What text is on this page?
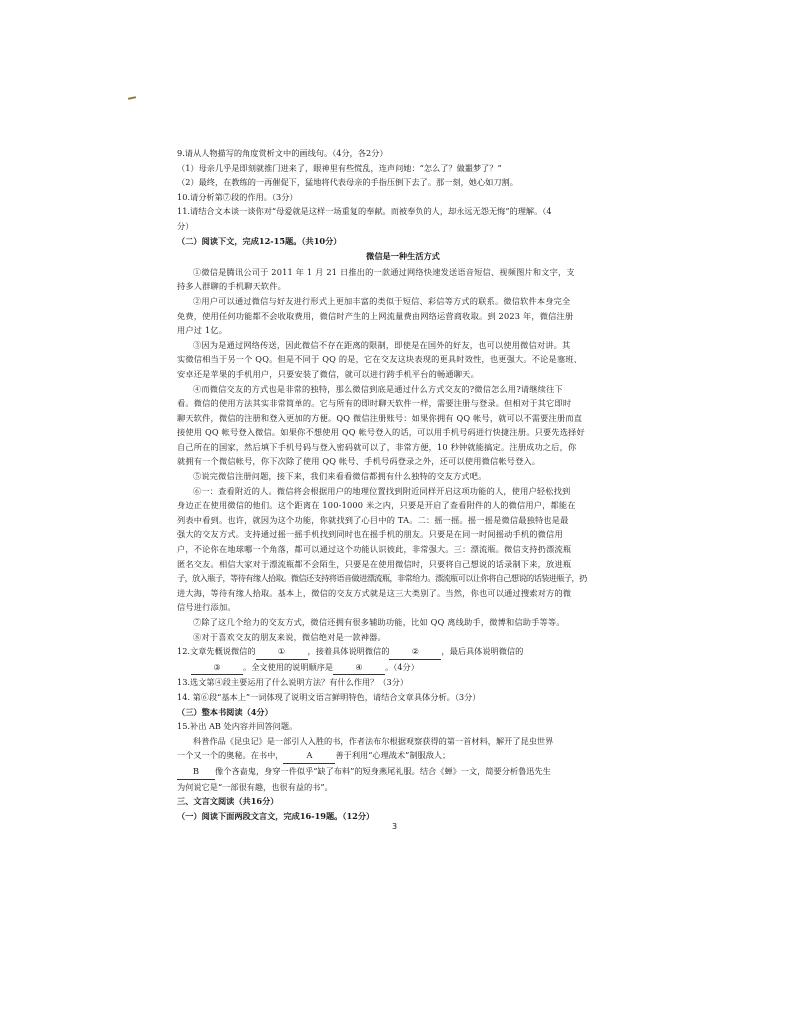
9.请从人物描写的角度赏析文中的画线句。（4分，各2分）
（1）母亲几乎是即刻就推门进来了，眼神里有些慌乱，连声问她：“怎么了？做噩梦了？”
（2）最终，在教练的一再催促下，猛地将代表母亲的手指压倒下去了。那一刻，她心如刀割。
10.请分析第⑦段的作用。（3分）
11.请结合文本谈一谈你对“母爱就是这样一场重复的奉献。而被奉负的人，却永远无怨无悔”的理解。（4
分）
（二）阅读下文，完成12-15题。（共10分）
微信是一种生活方式
①微信是腾讯公司于 2011 年 1 月 21 日推出的一款通过网络快速发送语音短信、视频图片和文字，支
持多人群聊的手机聊天软件。
②用户可以通过微信与好友进行形式上更加丰富的类似于短信、彩信等方式的联系。微信软件本身完全
免费，使用任何功能都不会收取费用，微信时产生的上网流量费由网络运营商收取。到 2023 年，微信注册
用户过 1亿。
③因为是通过网络传送，因此微信不存在距离的限制，即使是在国外的好友，也可以使用微信对讲。其
实微信相当于另一个 QQ。但是不同于 QQ 的是，它在交友这块表现的更具时效性，也更强大。不论是塞班、
安卓还是苹果的手机用户，只要安装了微信，就可以进行跨手机平台的畅通聊天。
④而微信交友的方式也是非常的独特，那么微信到底是通过什么方式交友的?微信怎么用?请继续往下
看。微信的使用方法其实非常简单的。它与所有的即时聊天软件一样，需要注册与登录。但相对于其它即时
聊天软件，微信的注册和登入更加的方便。QQ 微信注册账号：如果你拥有 QQ 帐号，就可以不需要注册而直
接使用 QQ 帐号登入微信。如果你不想使用 QQ 帐号登入的话，可以用手机号码进行快捷注册。只要先选择好
自己所在的国家，然后填下手机号码与登入密码就可以了，非常方便，10 秒钟就能搞定。注册成功之后，你
就拥有一个微信帐号，你下次除了使用 QQ 帐号、手机号码登录之外，还可以使用微信帐号登入。
⑤说完微信注册问题，接下来，我们来看看微信都拥有什么独特的交友方式吧。
⑥一：查看附近的人。微信将会根据用户的地理位置找到附近同样开启这项功能的人，使用户轻松找到
身边正在使用微信的他们。这个距离在 100-1000 米之内，只要是开启了查看附件的人的微信用户，都能在
列表中看到。也许，就因为这个功能，你就找到了心目中的 TA。二：摇一摇。摇一摇是微信最独特也是最
强大的交友方式。支持通过摇一摇手机找到同时也在摇手机的朋友。只要是在同一时间摇动手机的微信用
户，不论你在地球哪一个角落，都可以通过这个功能认识彼此，非常强大。三：漂流瓶。微信支持扔漂流瓶
匿名交友。相信大家对于漂流瓶都不会陌生，只要是在使用微信时，只要将自己想说的话录制下来，放进瓶
子，放入瓶子，等待有缘人拾取。微信还支持将语音做进漂流瓶，非常给力。漂流瓶可以让你将自己想说的话装进瓶子，扔
进大海，等待有缘人拾取。基本上，微信的交友方式就是这三大类别了。当然，你也可以通过搜索对方的微
信号进行添加。
⑦除了这几个给力的交友方式，微信还拥有很多辅助功能，比如 QQ 离线助手，微博和信助手等等。
⑧对于喜欢交友的朋友来说，微信绝对是一款神器。
12.文章先概说微信的	①	，接着具体说明微信的	②	，最后具体说明微信的
③	。全文使用的说明顺序是	④	。（4分）
13.选文第④段主要运用了什么说明方法？有什么作用？（3分）
14. 第⑥段“基本上”一词体现了说明文语言鲜明特色，请结合文章具体分析。（3分）
（三）整本书阅读（4分）
15.补出 AB 处内容并回答问题。
科普作品《昆虫记》是一部引人入胜的书，作者法布尔根据观察获得的第一首材料，解开了昆虫世界
一个又一个的奥秘。在书中，	A	善于利用“心理战术”制服敌人；
B 像个吝啬鬼，身穿一件似乎“缺了布料”的短身燕尾礼服。结合《蝉》一文，简要分析鲁迅先生
为何说它是“一部很有趣，也很有益的书”。
三、文言文阅读（共16分）
（一）阅读下面两段文言文，完成16-19题。（12分）
3
